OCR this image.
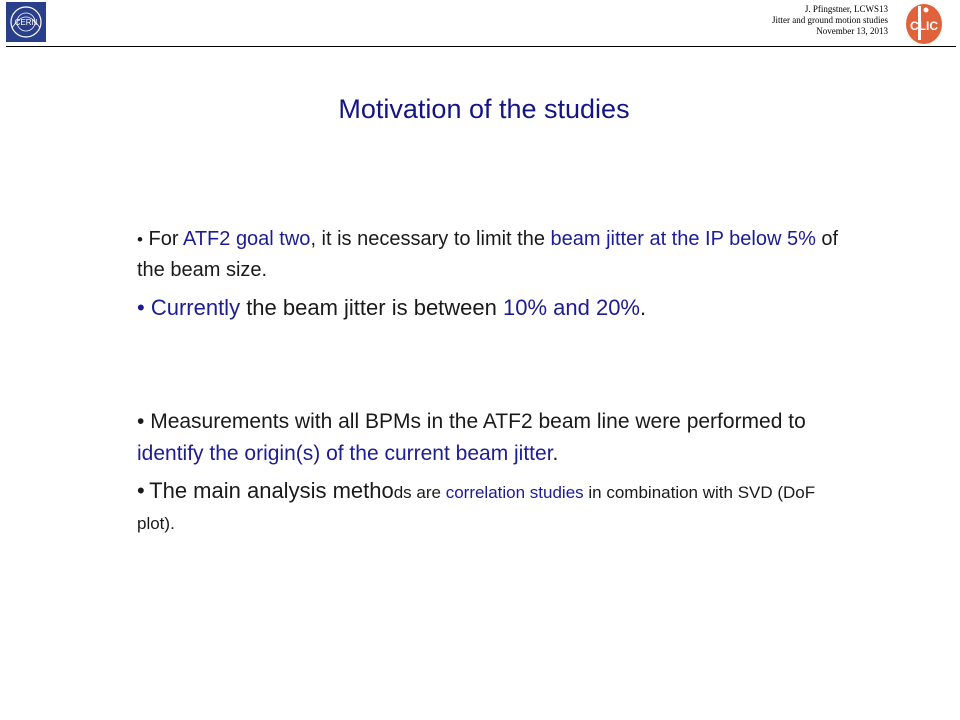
CERN
J. Pfingstner, LCWS13
Jitter and ground motion studies
November 13, 2013 CLIC
Motivation of the studies
• For ATF2 goal two, it is necessary to limit the beam jitter at the IP below 5% of the beam size.
• Currently the beam jitter is between 10% and 20%.
• Measurements with all BPMs in the ATF2 beam line were performed to identify the origin(s) of the current beam jitter.
• The main analysis methods are correlation studies in combination with SVD (DoF plot).
